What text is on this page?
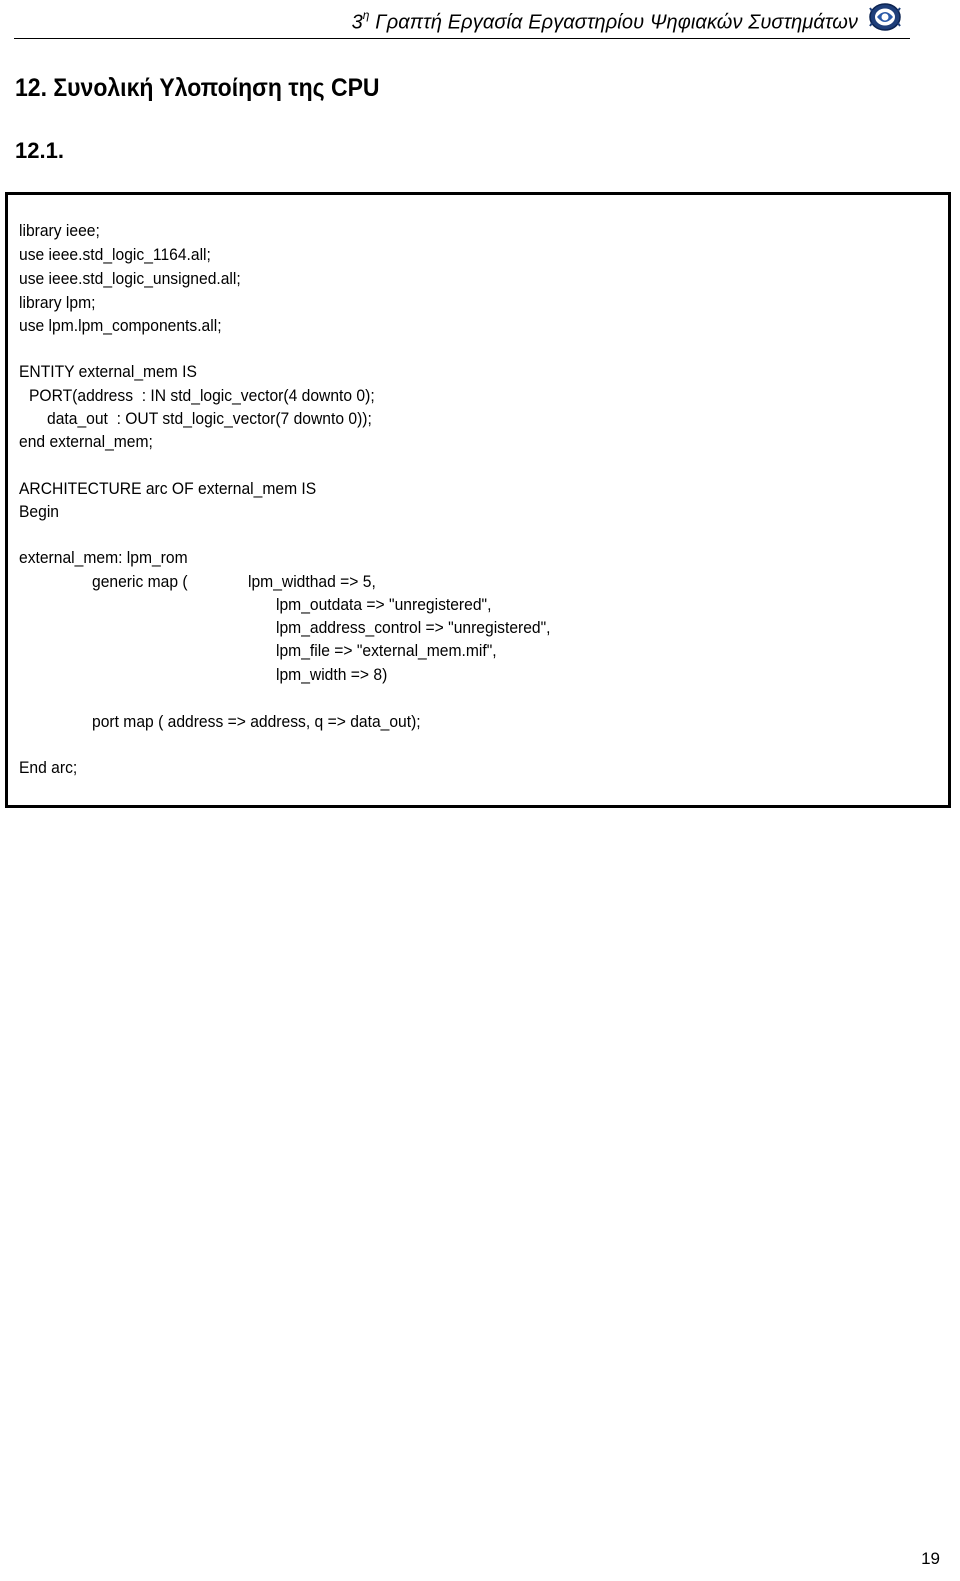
$3^\eta$ Γραπτή Εργασία Εργαστηρίου Ψηφιακών Συστημάτων
12. Συνολική Υλοποίηση της CPU
12.1.
library ieee;
use ieee.std_logic_1164.all;
use ieee.std_logic_unsigned.all;
library lpm;
use lpm.lpm_components.all;
ENTITY external_mem IS
PORT(address  : IN std_logic_vector(4 downto 0);
data_out  : OUT std_logic_vector(7 downto 0));
end external_mem;
ARCHITECTURE arc OF external_mem IS
Begin
external_mem: lpm_rom
generic map (	lpm_widthad => 5,
lpm_outdata => "unregistered",
lpm_address_control => "unregistered",
lpm_file => "external_mem.mif",
lpm_width => 8)
port map ( address => address, q => data_out);
End arc;
19
